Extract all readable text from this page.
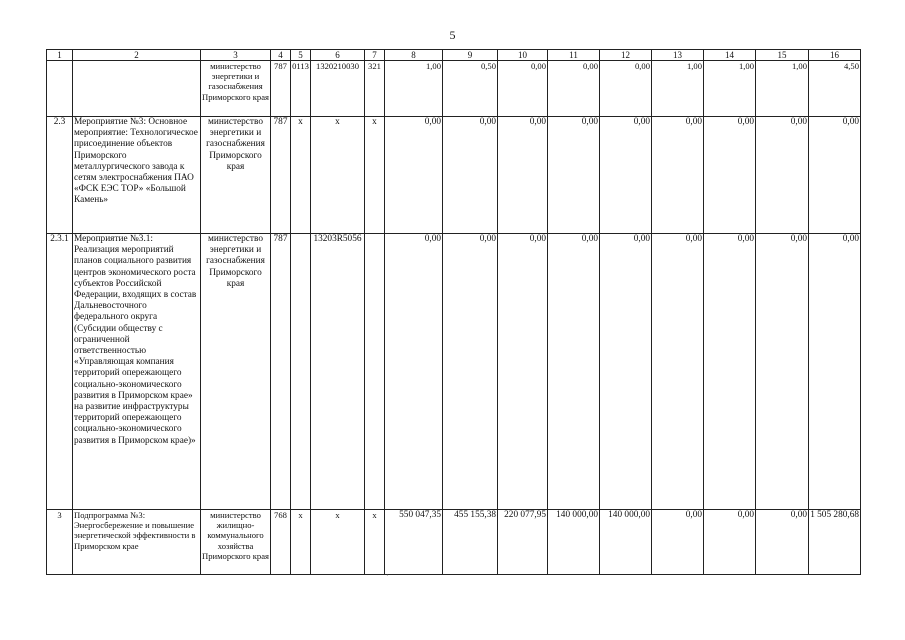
5
1	2	3	4	5	6	7	8	9	10	11	12	13	14	15	16
		министерство энергетики и газоснабжения Приморского края	787	0113	1320210030	321	1,00	0,50	0,00	0,00	0,00	1,00	1,00	1,00	4,50
2.3	Мероприятие №3: Основное мероприятие: Технологическое присоединение объектов Приморского металлургического завода к сетям электроснабжения ПАО «ФСК ЕЭС ТОР» «Большой Камень»	министерство энергетики и газоснабжения Приморского края	787	x	x	x	0,00	0,00	0,00	0,00	0,00	0,00	0,00	0,00	0,00
2.3.1	Мероприятие №3.1: Реализация мероприятий планов социального развития центров экономического роста субъектов Российской Федерации, входящих в состав Дальневосточного федерального округа (Субсидии обществу с ограниченной ответственностью «Управляющая компания территорий опережающего социально-экономического развития в Приморском крае» на развитие инфраструктуры территорий опережающего социально-экономического развития в Приморском крае)»	министерство энергетики и газоснабжения Приморского края	787		13203R5056		0,00	0,00	0,00	0,00	0,00	0,00	0,00	0,00	0,00
3	Подпрограмма №3: Энергосбережение и повышение энергетической эффективности в Приморском крае	министерство жилищно-коммунального хозяйства Приморского края	768	x	x	x	550 047,35	455 155,38	220 077,95	140 000,00	140 000,00	0,00	0,00	0,00	1 505 280,68
·
